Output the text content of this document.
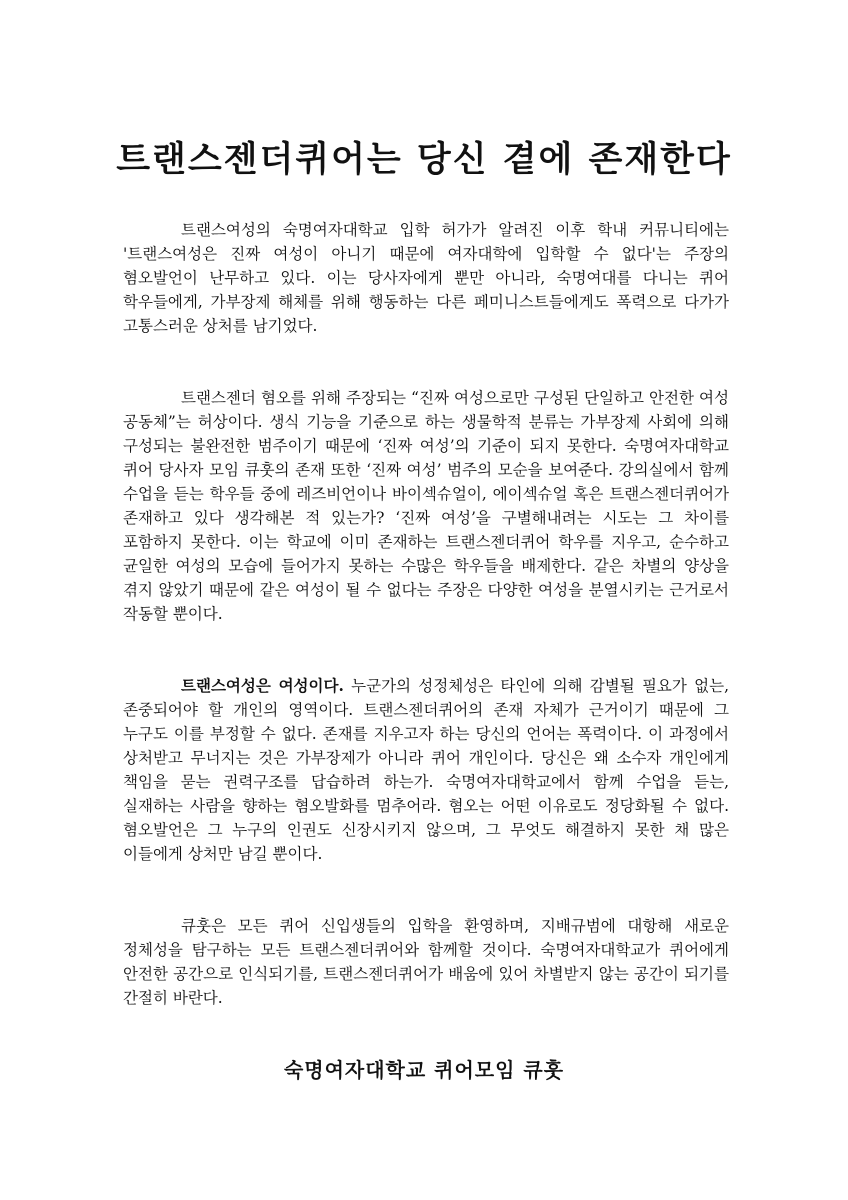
트랜스젠더퀴어는 당신 곁에 존재한다

트랜스여성의 숙명여자대학교 입학 허가가 알려진 이후 학내 커뮤니티에는 '트랜스여성은 진짜 여성이 아니기 때문에 여자대학에 입학할 수 없다'는 주장의 혐오발언이 난무하고 있다. 이는 당사자에게 뿐만 아니라, 숙명여대를 다니는 퀴어 학우들에게, 가부장제 해체를 위해 행동하는 다른 페미니스트들에게도 폭력으로 다가가 고통스러운 상처를 남기었다.

트랜스젠더 혐오를 위해 주장되는 “진짜 여성으로만 구성된 단일하고 안전한 여성 공동체”는 허상이다. 생식 기능을 기준으로 하는 생물학적 분류는 가부장제 사회에 의해 구성되는 불완전한 범주이기 때문에 ‘진짜 여성’의 기준이 되지 못한다. 숙명여자대학교 퀴어 당사자 모임 큐훗의 존재 또한 ‘진짜 여성’ 범주의 모순을 보여준다. 강의실에서 함께 수업을 듣는 학우들 중에 레즈비언이나 바이섹슈얼이, 에이섹슈얼 혹은 트랜스젠더퀴어가 존재하고 있다 생각해본 적 있는가? ‘진짜 여성’을 구별해내려는 시도는 그 차이를 포함하지 못한다. 이는 학교에 이미 존재하는 트랜스젠더퀴어 학우를 지우고, 순수하고 균일한 여성의 모습에 들어가지 못하는 수많은 학우들을 배제한다. 같은 차별의 양상을 겪지 않았기 때문에 같은 여성이 될 수 없다는 주장은 다양한 여성을 분열시키는 근거로서 작동할 뿐이다.

트랜스여성은 여성이다. 누군가의 성정체성은 타인에 의해 감별될 필요가 없는, 존중되어야 할 개인의 영역이다. 트랜스젠더퀴어의 존재 자체가 근거이기 때문에 그 누구도 이를 부정할 수 없다. 존재를 지우고자 하는 당신의 언어는 폭력이다. 이 과정에서 상처받고 무너지는 것은 가부장제가 아니라 퀴어 개인이다. 당신은 왜 소수자 개인에게 책임을 묻는 권력구조를 답습하려 하는가. 숙명여자대학교에서 함께 수업을 듣는, 실재하는 사람을 향하는 혐오발화를 멈추어라. 혐오는 어떤 이유로도 정당화될 수 없다. 혐오발언은 그 누구의 인권도 신장시키지 않으며, 그 무엇도 해결하지 못한 채 많은 이들에게 상처만 남길 뿐이다.

큐훗은 모든 퀴어 신입생들의 입학을 환영하며, 지배규범에 대항해 새로운 정체성을 탐구하는 모든 트랜스젠더퀴어와 함께할 것이다. 숙명여자대학교가 퀴어에게 안전한 공간으로 인식되기를, 트랜스젠더퀴어가 배움에 있어 차별받지 않는 공간이 되기를 간절히 바란다.

숙명여자대학교 퀴어모임 큐훗
